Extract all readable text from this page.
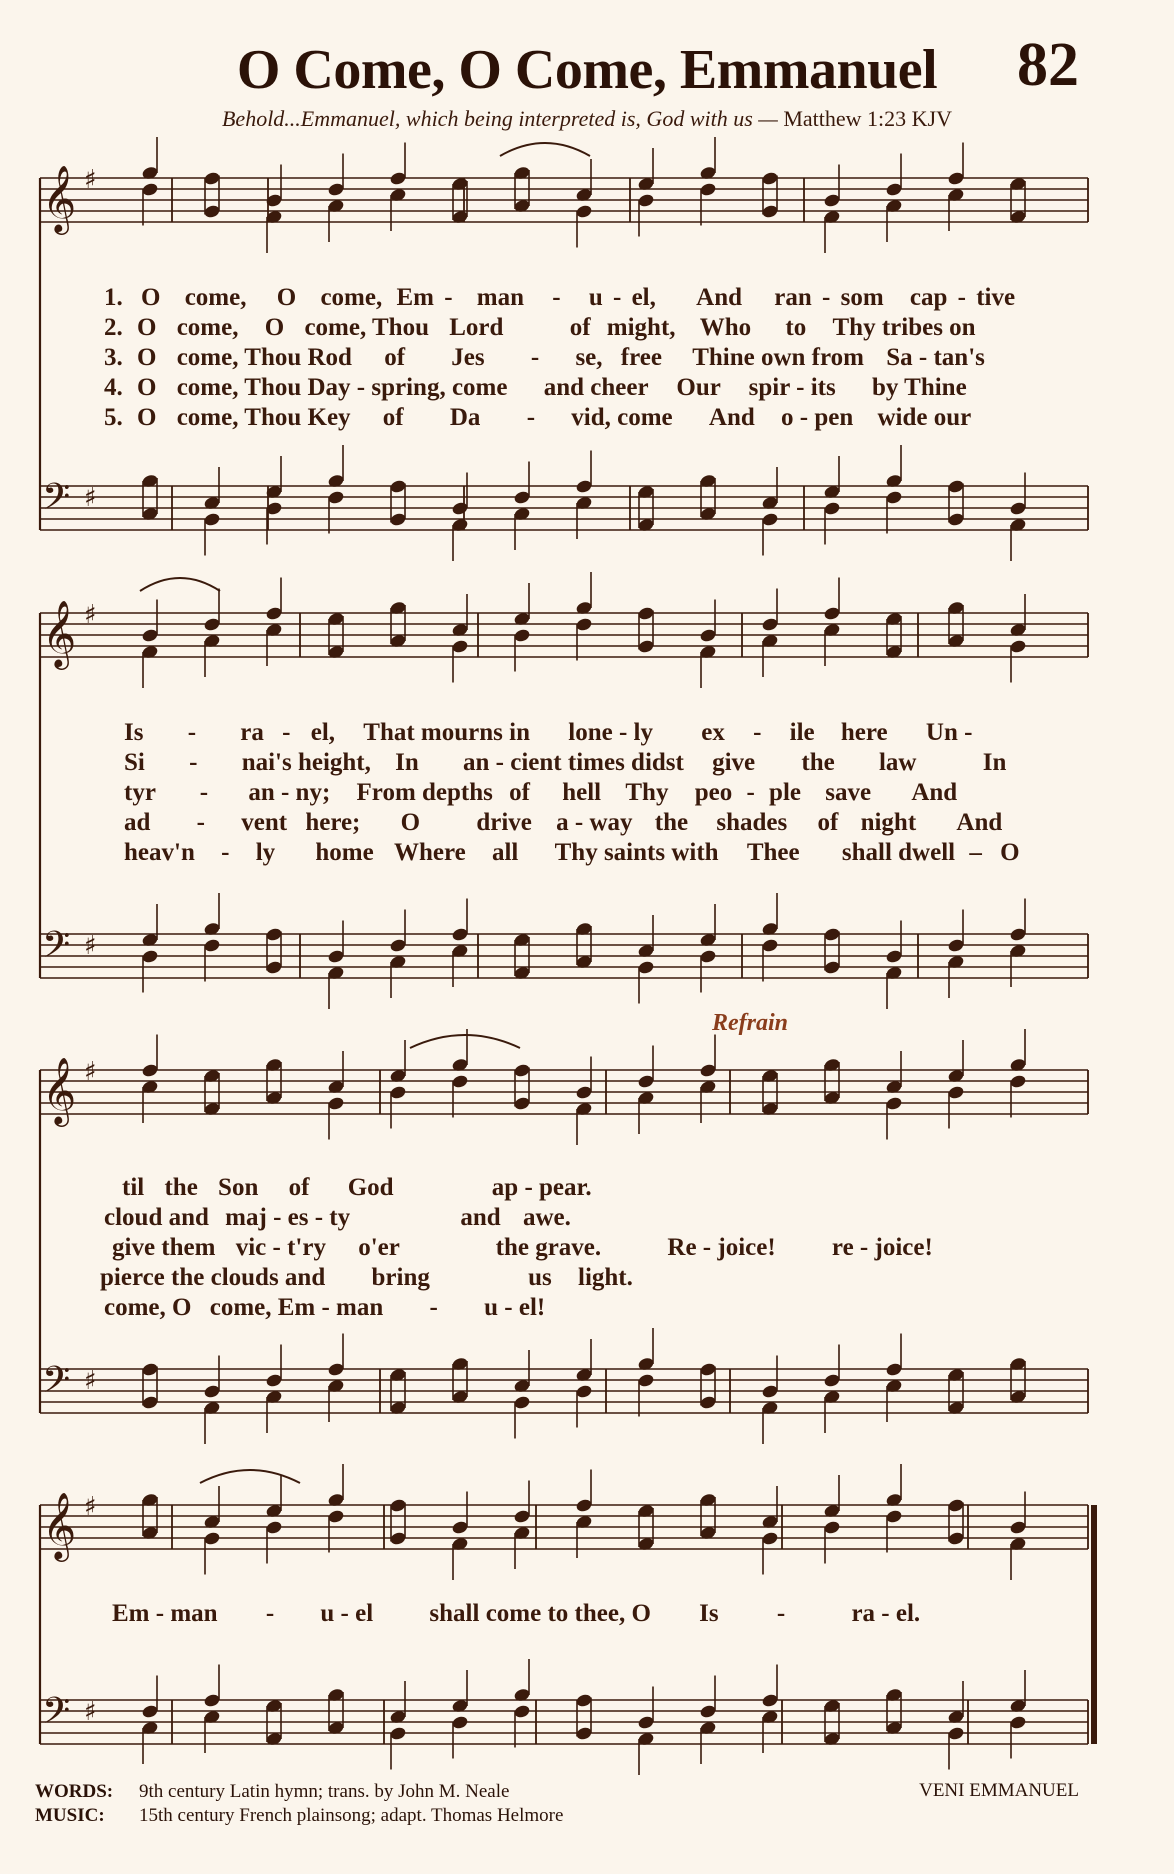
O Come, O Come, Emmanuel	82
Behold...Emmanuel, which being interpreted is, God with us — Matthew 1:23 KJV
𝄞 ♯
𝄢 ♯
𝄞 ♯
𝄢 ♯
𝄞 ♯
𝄢 ♯
𝄞 ♯
𝄢 ♯
1. O come, O come, Em - man - u - el, And ran - som cap - tive
2. O come, O come, Thou Lord	of might, Who to Thy tribes on
3. O come, Thou Rod of Jes - se, free Thine own from Sa - tan's
4. O come, Thou Day - spring, come and cheer Our spir - its by Thine
5. O come, Thou Key of Da - vid, come And o - pen wide our
Is - ra - el, That mourns in lone - ly ex - ile here Un -
Si - nai's height, In an - cient times didst give the law	In
tyr - an - ny; From depths of hell Thy peo - ple save And
ad - vent here; O drive a - way the shades of night And
heav'n - ly home Where all Thy saints with Thee shall dwell – O
Refrain
til the Son of God	ap - pear.
cloud and maj - es - ty	and awe.
give them vic - t'ry o'er	the grave.	Re - joice! re - joice!
pierce the clouds and bring	us light.
come, O come, Em - man - u - el!
Em - man - u - el shall come to thee, O Is -	ra - el.
WORDS: 9th century Latin hymn; trans. by John M. Neale
MUSIC: 15th century French plainsong; adapt. Thomas Helmore
VENI EMMANUEL
